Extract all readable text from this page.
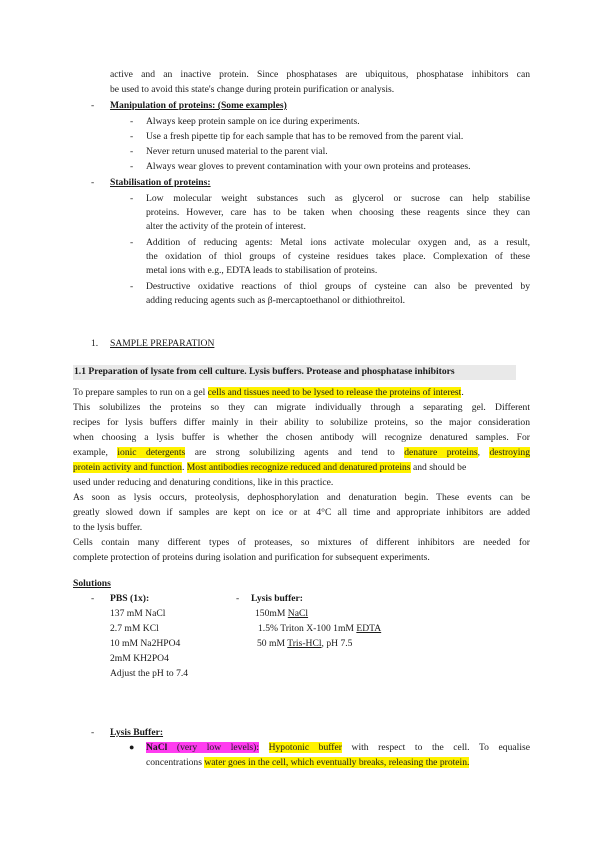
active and an inactive protein. Since phosphatases are ubiquitous, phosphatase inhibitors can

be used to avoid this state's change during protein purification or analysis.

- Manipulation of proteins: (Some examples)

- Always keep protein sample on ice during experiments.

- Use a fresh pipette tip for each sample that has to be removed from the parent vial.

- Never return unused material to the parent vial.

- Always wear gloves to prevent contamination with your own proteins and proteases.

- Stabilisation of proteins:

- Low molecular weight substances such as glycerol or sucrose can help stabilise

proteins. However, care has to be taken when choosing these reagents since they can

alter the activity of the protein of interest.

- Addition of reducing agents: Metal ions activate molecular oxygen and, as a result,

the oxidation of thiol groups of cysteine residues takes place. Complexation of these

metal ions with e.g., EDTA leads to stabilisation of proteins.

- Destructive oxidative reactions of thiol groups of cysteine can also be prevented by

adding reducing agents such as β-mercaptoethanol or dithiothreitol.

1. SAMPLE PREPARATION

1.1 Preparation of lysate from cell culture. Lysis buffers. Protease and phosphatase inhibitors

To prepare samples to run on a gel cells and tissues need to be lysed to release the proteins of interest.

This solubilizes the proteins so they can migrate individually through a separating gel. Different

recipes for lysis buffers differ mainly in their ability to solubilize proteins, so the major consideration

when choosing a lysis buffer is whether the chosen antibody will recognize denatured samples. For

example, ionic detergents are strong solubilizing agents and tend to denature proteins, destroying

protein activity and function. Most antibodies recognize reduced and denatured proteins and should be

used under reducing and denaturing conditions, like in this practice.

As soon as lysis occurs, proteolysis, dephosphorylation and denaturation begin. These events can be

greatly slowed down if samples are kept on ice or at 4°C all time and appropriate inhibitors are added

to the lysis buffer.

Cells contain many different types of proteases, so mixtures of different inhibitors are needed for

complete protection of proteins during isolation and purification for subsequent experiments.

Solutions

- PBS (1x):

137 mM NaCl

2.7 mM KCl

10 mM Na2HPO4

2mM KH2PO4

Adjust the pH to 7.4

- Lysis buffer:

150mM NaCl

1.5% Triton X-100 1mM EDTA

50 mM Tris-HCl, pH 7.5

- Lysis Buffer:

● NaCl (very low levels): Hypotonic buffer with respect to the cell. To equalise

concentrations water goes in the cell, which eventually breaks, releasing the protein.
